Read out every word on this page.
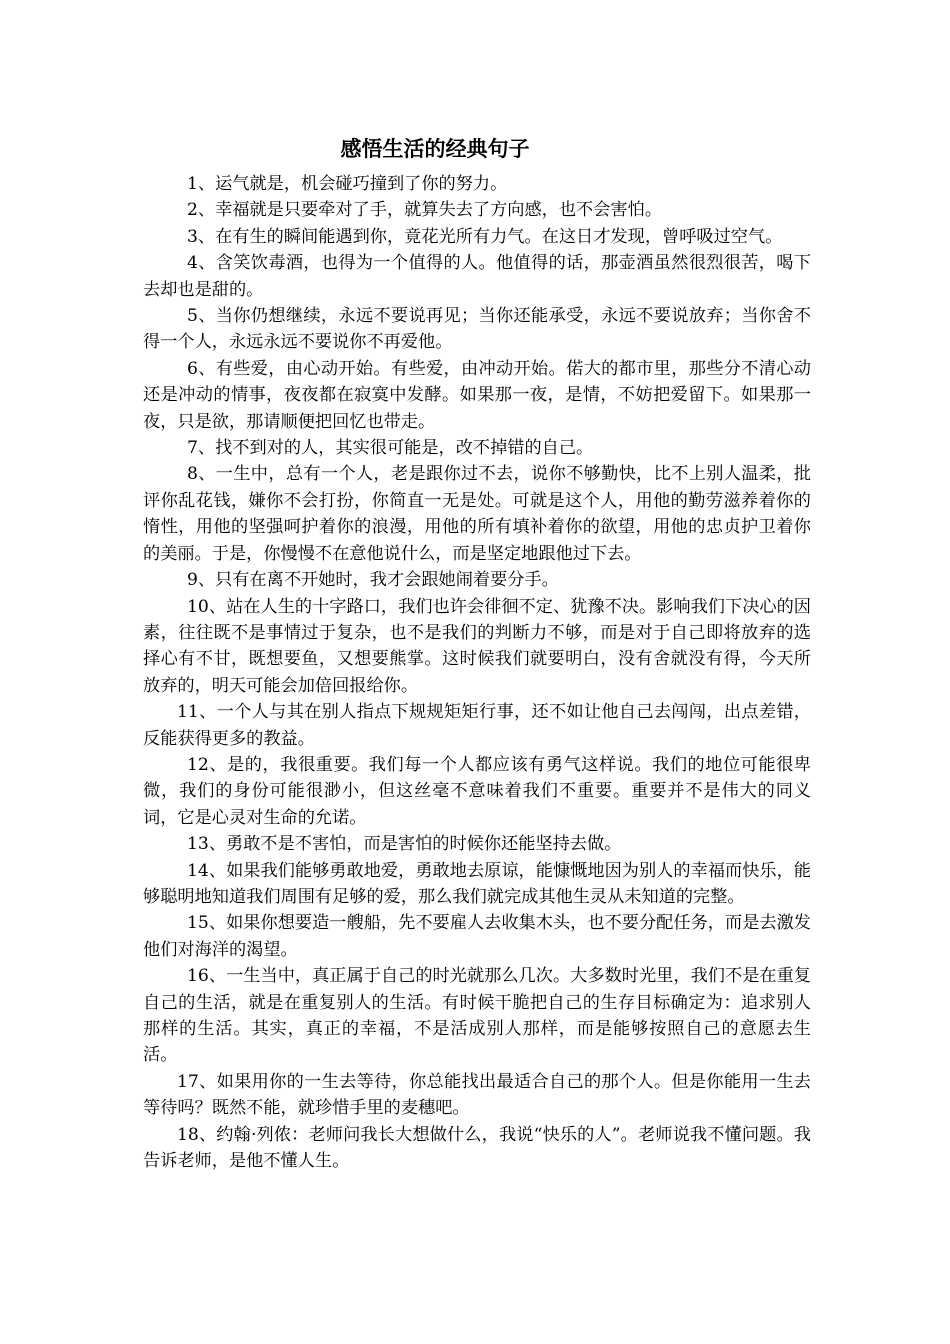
感悟生活的经典句子

1、运气就是，机会碰巧撞到了你的努力。

2、幸福就是只要牵对了手，就算失去了方向感，也不会害怕。

3、在有生的瞬间能遇到你，竟花光所有力气。在这日才发现，曾呼吸过空气。

4、含笑饮毒酒，也得为一个值得的人。他值得的话，那壶酒虽然很烈很苦，喝下去却也是甜的。

5、当你仍想继续，永远不要说再见；当你还能承受，永远不要说放弃；当你舍不得一个人，永远永远不要说你不再爱他。

6、有些爱，由心动开始。有些爱，由冲动开始。偌大的都市里，那些分不清心动还是冲动的情事，夜夜都在寂寞中发酵。如果那一夜，是情，不妨把爱留下。如果那一夜，只是欲，那请顺便把回忆也带走。

7、找不到对的人，其实很可能是，改不掉错的自己。

8、一生中，总有一个人，老是跟你过不去，说你不够勤快，比不上别人温柔，批评你乱花钱，嫌你不会打扮，你简直一无是处。可就是这个人，用他的勤劳滋养着你的惰性，用他的坚强呵护着你的浪漫，用他的所有填补着你的欲望，用他的忠贞护卫着你的美丽。于是，你慢慢不在意他说什么，而是坚定地跟他过下去。

9、只有在离不开她时，我才会跟她闹着要分手。

10、站在人生的十字路口，我们也许会徘徊不定、犹豫不决。影响我们下决心的因素，往往既不是事情过于复杂，也不是我们的判断力不够，而是对于自己即将放弃的选择心有不甘，既想要鱼，又想要熊掌。这时候我们就要明白，没有舍就没有得，今天所放弃的，明天可能会加倍回报给你。

11、一个人与其在别人指点下规规矩矩行事，还不如让他自己去闯闯，出点差错，反能获得更多的教益。

12、是的，我很重要。我们每一个人都应该有勇气这样说。我们的地位可能很卑微，我们的身份可能很渺小，但这丝毫不意味着我们不重要。重要并不是伟大的同义词，它是心灵对生命的允诺。

13、勇敢不是不害怕，而是害怕的时候你还能坚持去做。

14、如果我们能够勇敢地爱，勇敢地去原谅，能慷慨地因为别人的幸福而快乐，能够聪明地知道我们周围有足够的爱，那么我们就完成其他生灵从未知道的完整。

15、如果你想要造一艘船，先不要雇人去收集木头，也不要分配任务，而是去激发他们对海洋的渴望。

16、一生当中，真正属于自己的时光就那么几次。大多数时光里，我们不是在重复自己的生活，就是在重复别人的生活。有时候干脆把自己的生存目标确定为：追求别人那样的生活。其实，真正的幸福，不是活成别人那样，而是能够按照自己的意愿去生活。

17、如果用你的一生去等待，你总能找出最适合自己的那个人。但是你能用一生去等待吗？既然不能，就珍惜手里的麦穗吧。

18、约翰·列侬：老师问我长大想做什么，我说“快乐的人”。老师说我不懂问题。我告诉老师，是他不懂人生。
